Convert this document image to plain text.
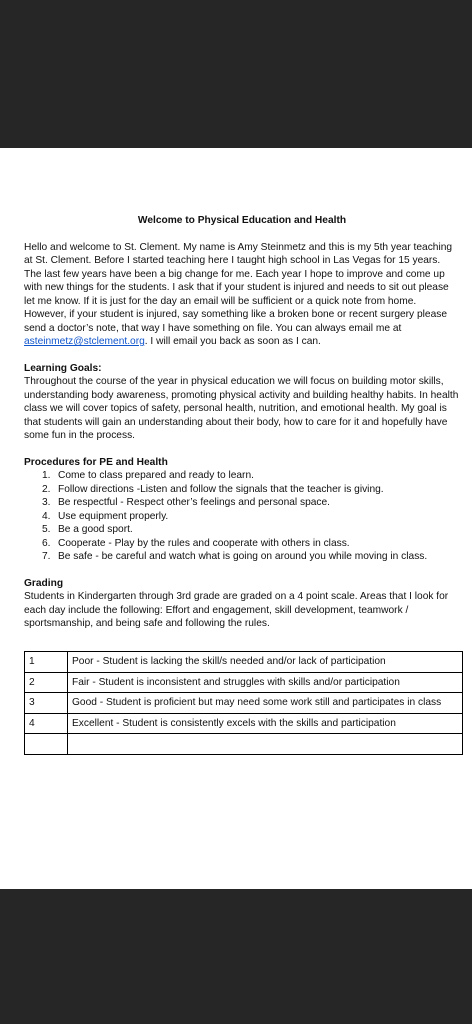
Welcome to Physical Education and Health

Hello and welcome to St. Clement. My name is Amy Steinmetz and this is my 5th year teaching at St. Clement. Before I started teaching here I taught high school in Las Vegas for 15 years. The last few years have been a big change for me. Each year I hope to improve and come up with new things for the students. I ask that if your student is injured and needs to sit out please let me know. If it is just for the day an email will be sufficient or a quick note from home. However, if your student is injured, say something like a broken bone or recent surgery please send a doctor’s note, that way I have something on file. You can always email me at asteinmetz@stclement.org. I will email you back as soon as I can.

Learning Goals:

Throughout the course of the year in physical education we will focus on building motor skills, understanding body awareness, promoting physical activity and building healthy habits. In health class we will cover topics of safety, personal health, nutrition, and emotional health. My goal is that students will gain an understanding about their body, how to care for it and hopefully have some fun in the process.

Procedures for PE and Health

1. Come to class prepared and ready to learn.
2. Follow directions -Listen and follow the signals that the teacher is giving.
3. Be respectful - Respect other’s feelings and personal space.
4. Use equipment properly.
5. Be a good sport.
6. Cooperate - Play by the rules and cooperate with others in class.
7. Be safe - be careful and watch what is going on around you while moving in class.

Grading

Students in Kindergarten through 3rd grade are graded on a 4 point scale. Areas that I look for each day include the following: Effort and engagement, skill development, teamwork / sportsmanship, and being safe and following the rules.

1	Poor - Student is lacking the skill/s needed and/or lack of participation
2	Fair - Student is inconsistent and struggles with skills and/or participation
3	Good - Student is proficient but may need some work still and participates in class
4	Excellent - Student is consistently excels with the skills and participation
